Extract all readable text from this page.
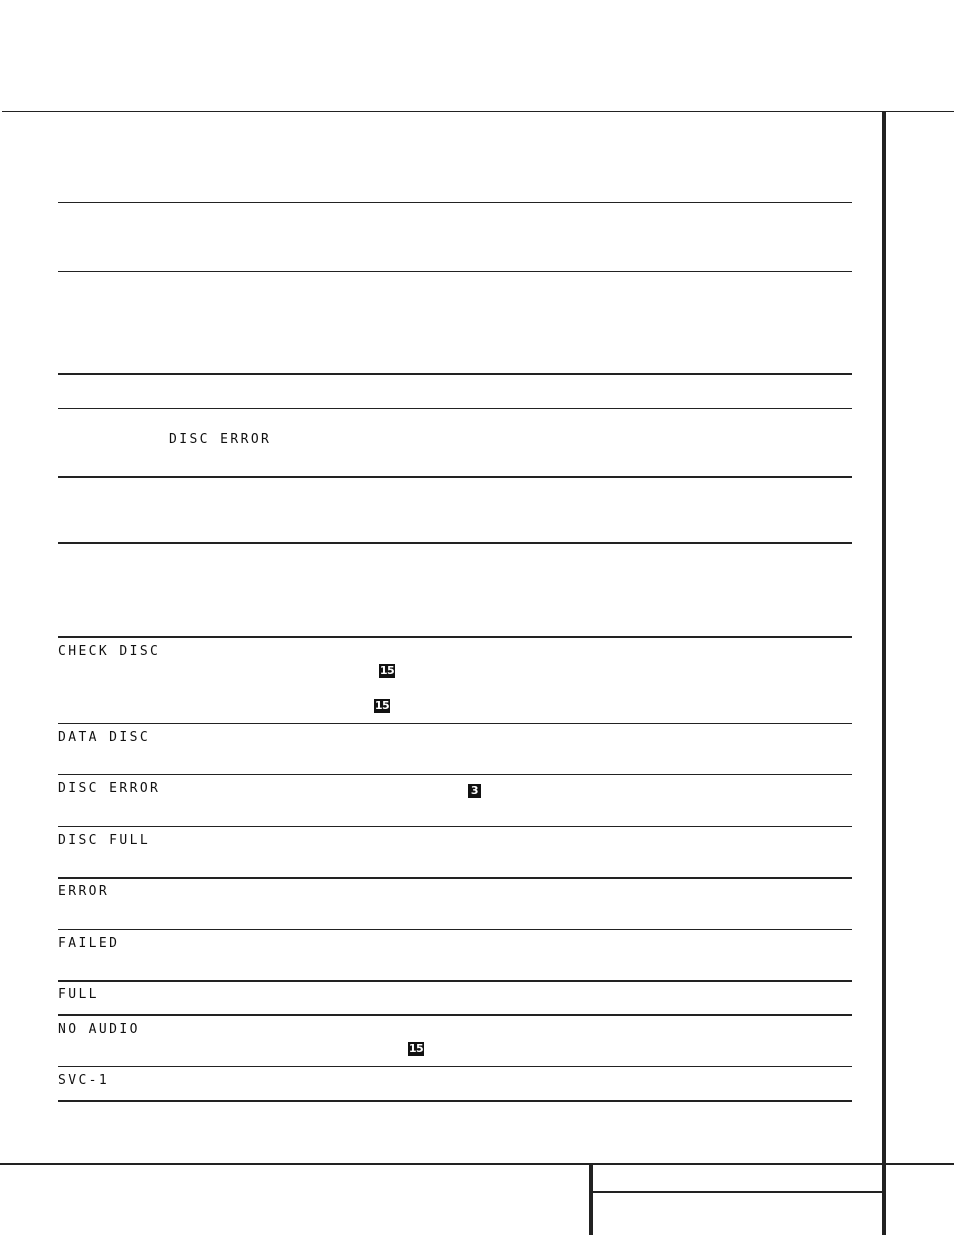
DISC ERROR
CHECK DISC
15
15
DATA DISC
DISC ERROR	3
DISC FULL
ERROR
FAILED
FULL
NO AUDIO
15
SVC-1
